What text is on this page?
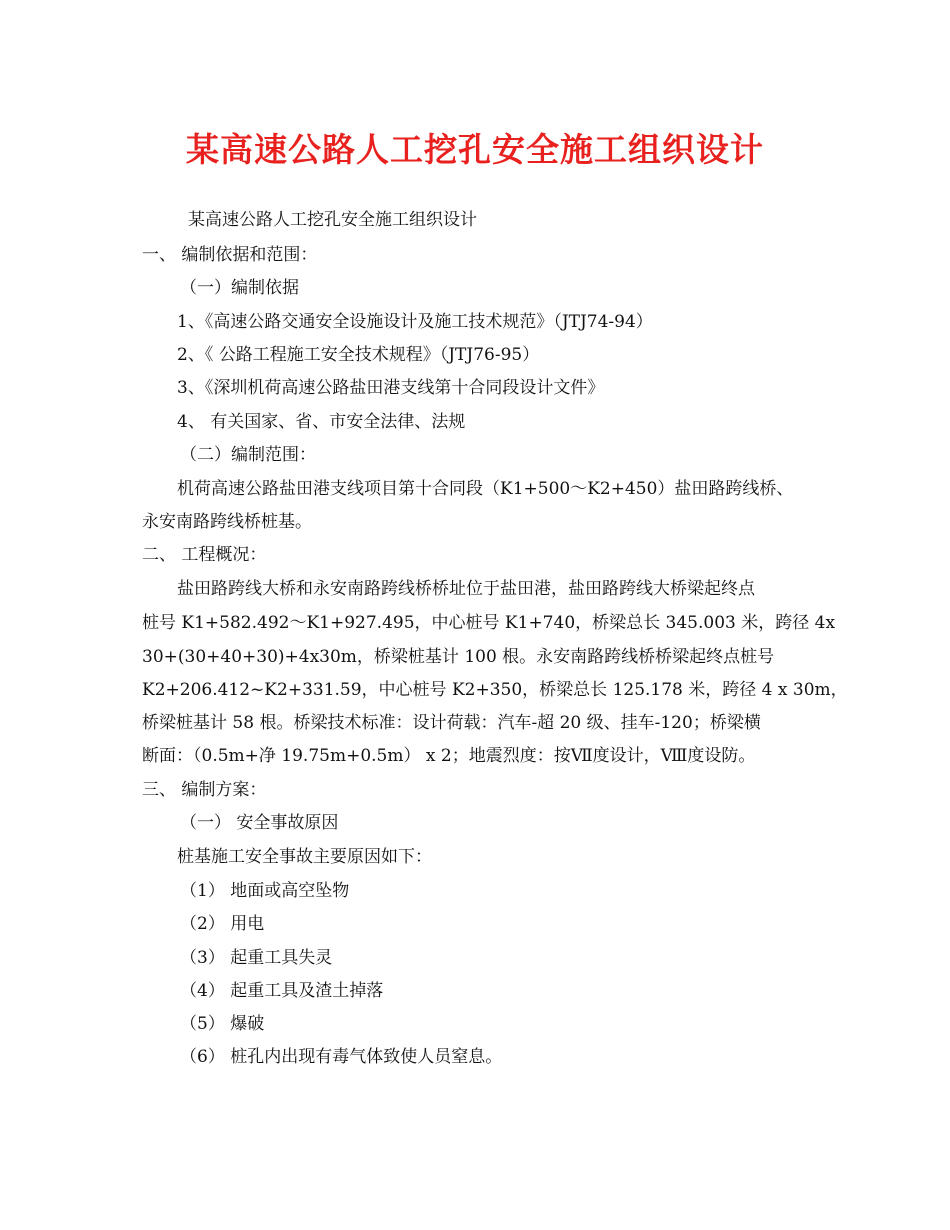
某高速公路人工挖孔安全施工组织设计
某高速公路人工挖孔安全施工组织设计
一、 编制依据和范围：
（一）编制依据
1、《高速公路交通安全设施设计及施工技术规范》（JTJ74-94）
2、《 公路工程施工安全技术规程》（JTJ76-95）
3、《深圳机荷高速公路盐田港支线第十合同段设计文件》
4、 有关国家、省、市安全法律、法规
（二）编制范围：
机荷高速公路盐田港支线项目第十合同段（K1+500～K2+450）盐田路跨线桥、
永安南路跨线桥桩基。
二、 工程概况：
盐田路跨线大桥和永安南路跨线桥桥址位于盐田港，盐田路跨线大桥梁起终点
桩号 K1+582.492～K1+927.495，中心桩号 K1+740，桥梁总长 345.003 米，跨径 4x
30+(30+40+30)+4x30m，桥梁桩基计 100 根。永安南路跨线桥桥梁起终点桩号
K2+206.412~K2+331.59，中心桩号 K2+350，桥梁总长 125.178 米，跨径 4 x 30m，
桥梁桩基计 58 根。桥梁技术标准：设计荷载：汽车-超 20 级、挂车-120；桥梁横
断面：（0.5m+净 19.75m+0.5m） x 2；地震烈度：按Ⅶ度设计，Ⅷ度设防。
三、 编制方案：
（一） 安全事故原因
桩基施工安全事故主要原因如下：
（1） 地面或高空坠物
（2） 用电
（3） 起重工具失灵
（4） 起重工具及渣土掉落
（5） 爆破
（6） 桩孔内出现有毒气体致使人员窒息。
